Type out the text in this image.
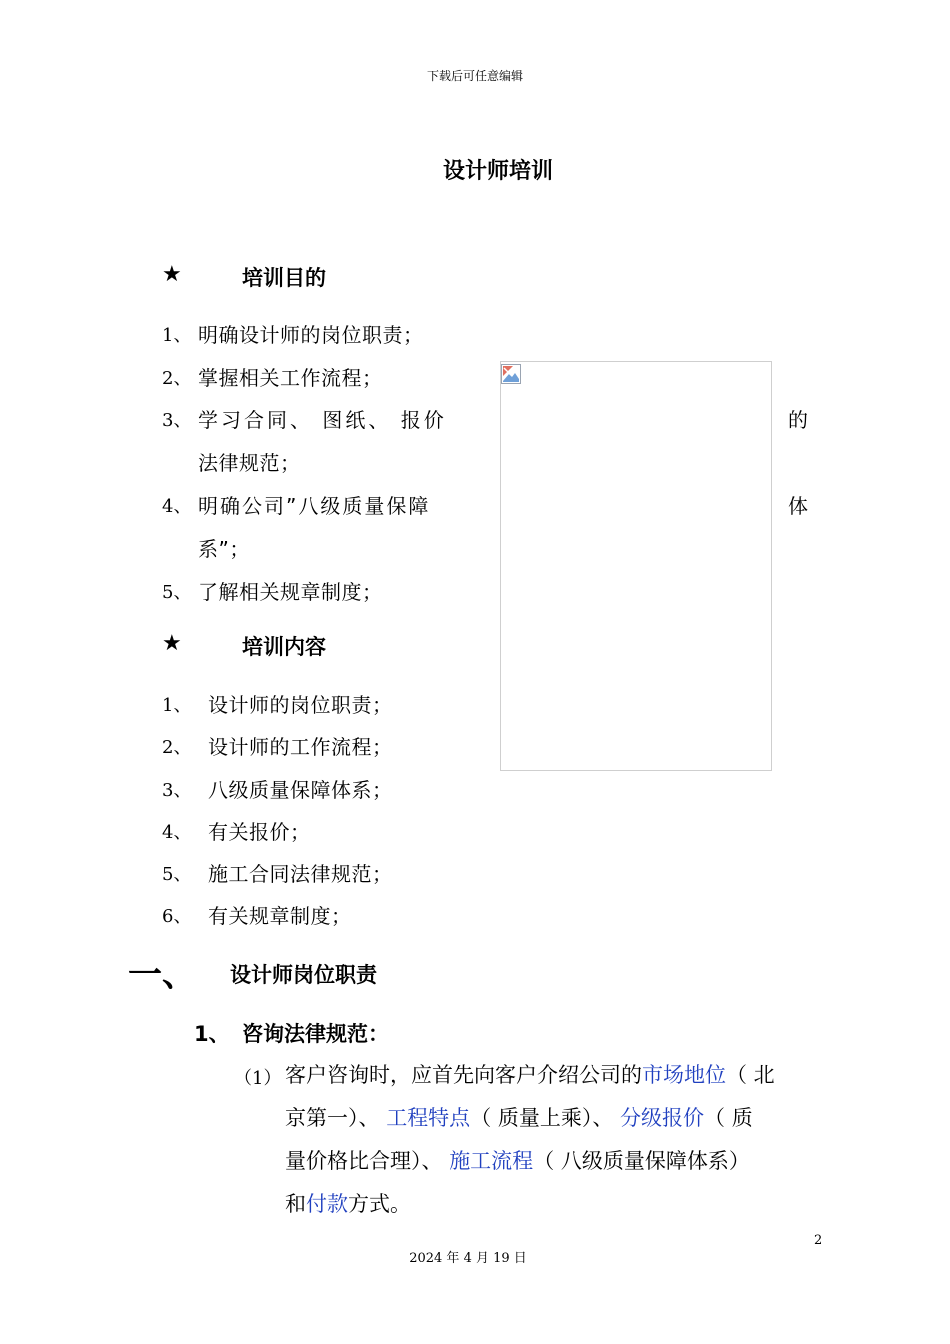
下载后可任意编辑
设计师培训
★	培训目的
1、 明确设计师的岗位职责；
2、 掌握相关工作流程；
3、 学习合同、 图纸、 报价	的
法律规范；
4、 明确公司”八级质量保障	体
系”；
5、 了解相关规章制度；
★	培训内容
1、 设计师的岗位职责；
2、 设计师的工作流程；
3、 八级质量保障体系；
4、 有关报价；
5、 施工合同法律规范；
6、 有关规章制度；
一、 设计师岗位职责
1、 咨询法律规范：
（1） 客户咨询时，应首先向客户介绍公司的市场地位（ 北
京第一）、 工程特点（ 质量上乘）、 分级报价（ 质
量价格比合理）、 施工流程（ 八级质量保障体系）
和付款方式。
2
2024 年 4 月 19 日
